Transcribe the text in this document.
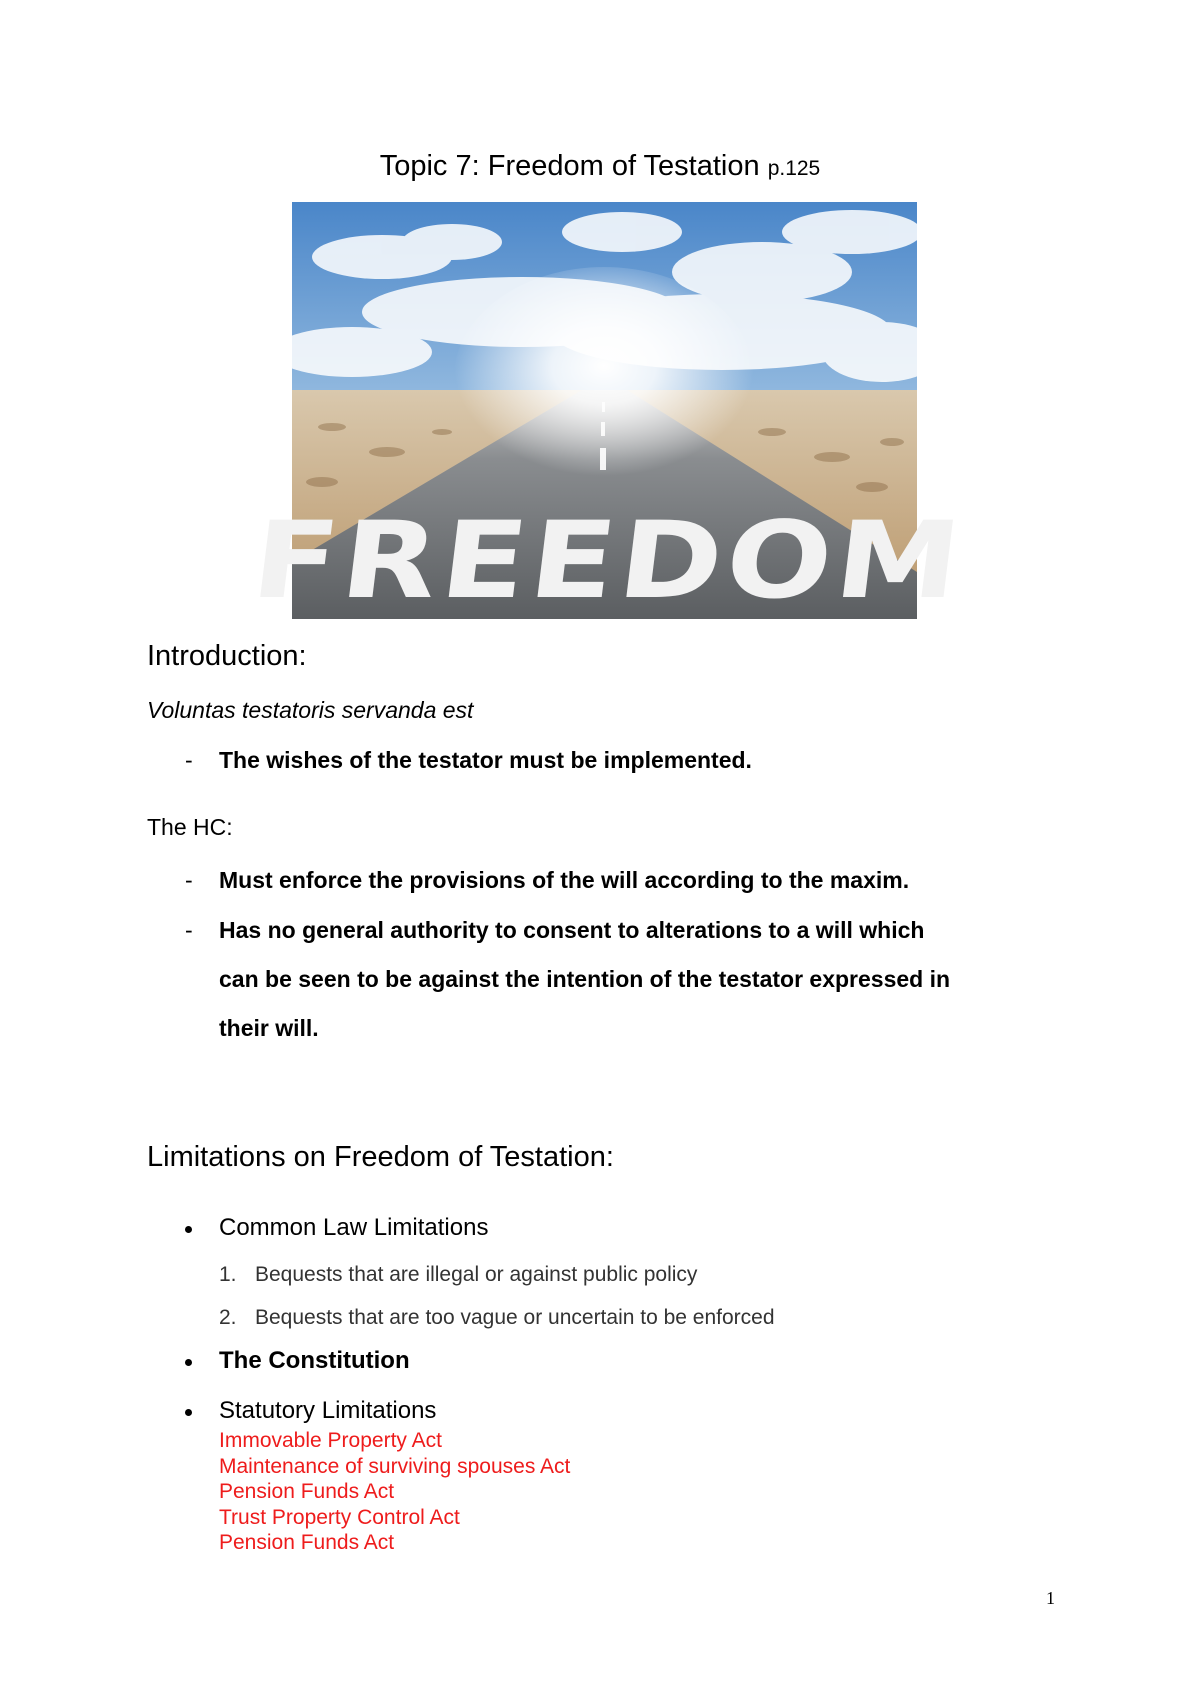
Topic 7: Freedom of Testation p.125
FREEDOM
Introduction:
Voluntas testatoris servanda est
- The wishes of the testator must be implemented.
The HC:
- Must enforce the provisions of the will according to the maxim.
- Has no general authority to consent to alterations to a will which
can be seen to be against the intention of the testator expressed in
their will.
Limitations on Freedom of Testation:
Common Law Limitations
1. Bequests that are illegal or against public policy
2. Bequests that are too vague or uncertain to be enforced
The Constitution
Statutory Limitations
Immovable Property Act
Maintenance of surviving spouses Act
Pension Funds Act
Trust Property Control Act
Pension Funds Act
1
